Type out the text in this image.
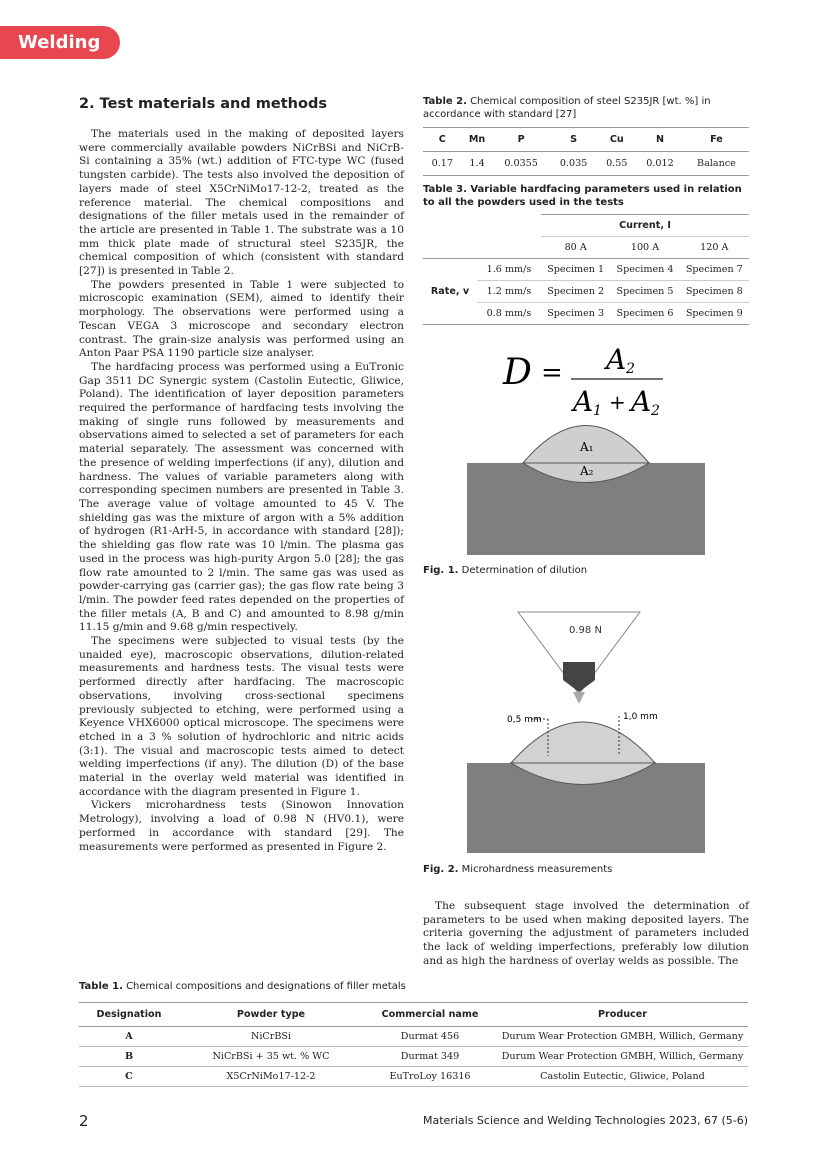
Welding
2. Test materials and methods

The materials used in the making of deposited layers were commercially available powders NiCrBSi and NiCrB-Si containing a 35% (wt.) addition of FTC-type WC (fused tungsten carbide). The tests also involved the deposition of layers made of steel X5CrNiMo17-12-2, treated as the reference material. The chemical compositions and designations of the filler metals used in the remainder of the article are presented in Table 1. The substrate was a 10 mm thick plate made of structural steel S235JR, the chemical composition of which (consistent with standard [27]) is presented in Table 2.

The powders presented in Table 1 were subjected to microscopic examination (SEM), aimed to identify their morphology. The observations were performed using a Tescan VEGA 3 microscope and secondary electron contrast. The grain-size analysis was performed using an Anton Paar PSA 1190 particle size analyser.

The hardfacing process was performed using a EuTronic Gap 3511 DC Synergic system (Castolin Eutectic, Gliwice, Poland). The identification of layer deposition parameters required the performance of hardfacing tests involving the making of single runs followed by measurements and observations aimed to selected a set of parameters for each material separately. The assessment was concerned with the presence of welding imperfections (if any), dilution and hardness. The values of variable parameters along with corresponding specimen numbers are presented in Table 3. The average value of voltage amounted to 45 V. The shielding gas was the mixture of argon with a 5% addition of hydrogen (R1-ArH-5, in accordance with standard [28]); the shielding gas flow rate was 10 l/min. The plasma gas used in the process was high-purity Argon 5.0 [28]; the gas flow rate amounted to 2 l/min. The same gas was used as powder-carrying gas (carrier gas); the gas flow rate being 3 l/min. The powder feed rates depended on the properties of the filler metals (A, B and C) and amounted to 8.98 g/min 11.15 g/min and 9.68 g/min respectively.

The specimens were subjected to visual tests (by the unaided eye), macroscopic observations, dilution-related measurements and hardness tests. The visual tests were performed directly after hardfacing. The macroscopic observations, involving cross-sectional specimens previously subjected to etching, were performed using a Keyence VHX6000 optical microscope. The specimens were etched in a 3 % solution of hydrochloric and nitric acids (3:1). The visual and macroscopic tests aimed to detect welding imperfections (if any). The dilution (D) of the base material in the overlay weld material was identified in accordance with the diagram presented in Figure 1.

Vickers microhardness tests (Sinowon Innovation Metrology), involving a load of 0.98 N (HV0.1), were performed in accordance with standard [29]. The measurements were performed as presented in Figure 2.

Table 2. Chemical composition of steel S235JR [wt. %] in accordance with standard [27]
C	Mn	P	S	Cu	N	Fe
0.17	1.4	0.0355	0.035	0.55	0.012	Balance
Table 3. Variable hardfacing parameters used in relation to all the powders used in the tests
		Current, I		
		80 A	100 A	120 A
Rate, v	1.6 mm/s	Specimen 1	Specimen 4	Specimen 7
	1.2 mm/s	Specimen 2	Specimen 5	Specimen 8
	0.8 mm/s	Specimen 3	Specimen 6	Specimen 9
D = A 2
A 1 + A 2
A₁
A₂
Fig. 1. Determination of dilution
0.98 N
0,5 mm	1,0 mm
Fig. 2. Microhardness measurements

The subsequent stage involved the determination of parameters to be used when making deposited layers. The criteria governing the adjustment of parameters included the lack of welding imperfections, preferably low dilution and as high the hardness of overlay welds as possible. The

Table 1. Chemical compositions and designations of filler metals
Designation	Powder type	Commercial name	Producer
A	NiCrBSi	Durmat 456	Durum Wear Protection GMBH, Willich, Germany
B	NiCrBSi + 35 wt. % WC	Durmat 349	Durum Wear Protection GMBH, Willich, Germany
C	X5CrNiMo17-12-2	EuTroLoy 16316	Castolin Eutectic, Gliwice, Poland
2	Materials Science and Welding Technologies 2023, 67 (5-6)
